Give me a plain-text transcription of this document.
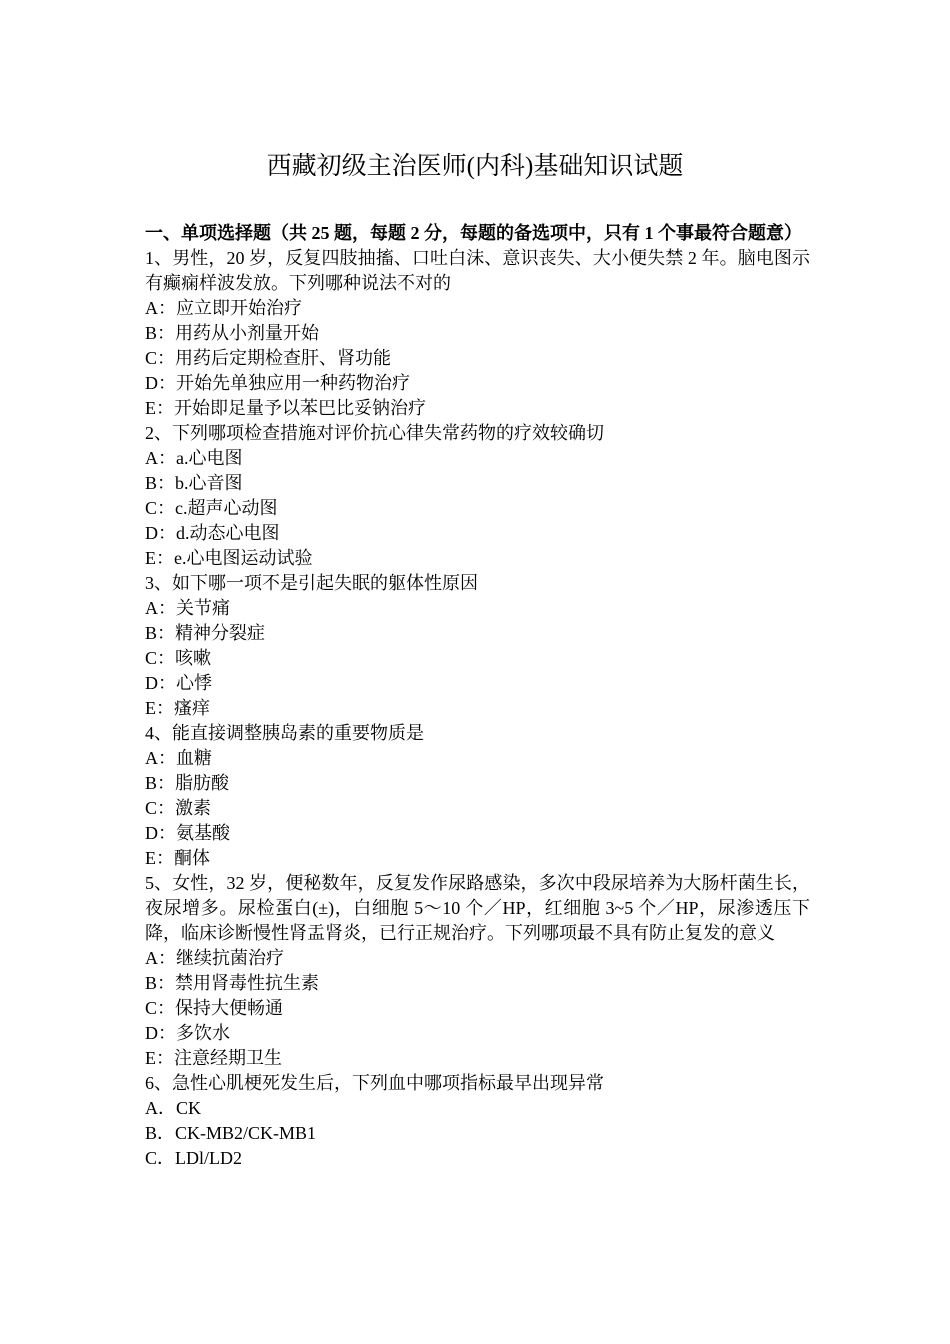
西藏初级主治医师(内科)基础知识试题

一、单项选择题（共 25 题，每题 2 分，每题的备选项中，只有 1 个事最符合题意）

1、男性，20 岁，反复四肢抽搐、口吐白沫、意识丧失、大小便失禁 2 年。脑电图示有癫痫样波发放。下列哪种说法不对的

A：应立即开始治疗

B：用药从小剂量开始

C：用药后定期检查肝、肾功能

D：开始先单独应用一种药物治疗

E：开始即足量予以苯巴比妥钠治疗

2、下列哪项检查措施对评价抗心律失常药物的疗效较确切

A：a.心电图

B：b.心音图

C：c.超声心动图

D：d.动态心电图

E：e.心电图运动试验

3、如下哪一项不是引起失眠的躯体性原因

A：关节痛

B：精神分裂症

C：咳嗽

D：心悸

E：瘙痒

4、能直接调整胰岛素的重要物质是

A：血糖

B：脂肪酸

C：激素

D：氨基酸

E：酮体

5、女性，32 岁，便秘数年，反复发作尿路感染，多次中段尿培养为大肠杆菌生长，夜尿增多。尿检蛋白(±)，白细胞 5～10 个／HP，红细胞 3~5 个／HP，尿渗透压下降，临床诊断慢性肾盂肾炎，已行正规治疗。下列哪项最不具有防止复发的意义

A：继续抗菌治疗

B：禁用肾毒性抗生素

C：保持大便畅通

D：多饮水

E：注意经期卫生

6、急性心肌梗死发生后，下列血中哪项指标最早出现异常

A．CK

B．CK-MB2/CK-MB1

C．LDl/LD2
